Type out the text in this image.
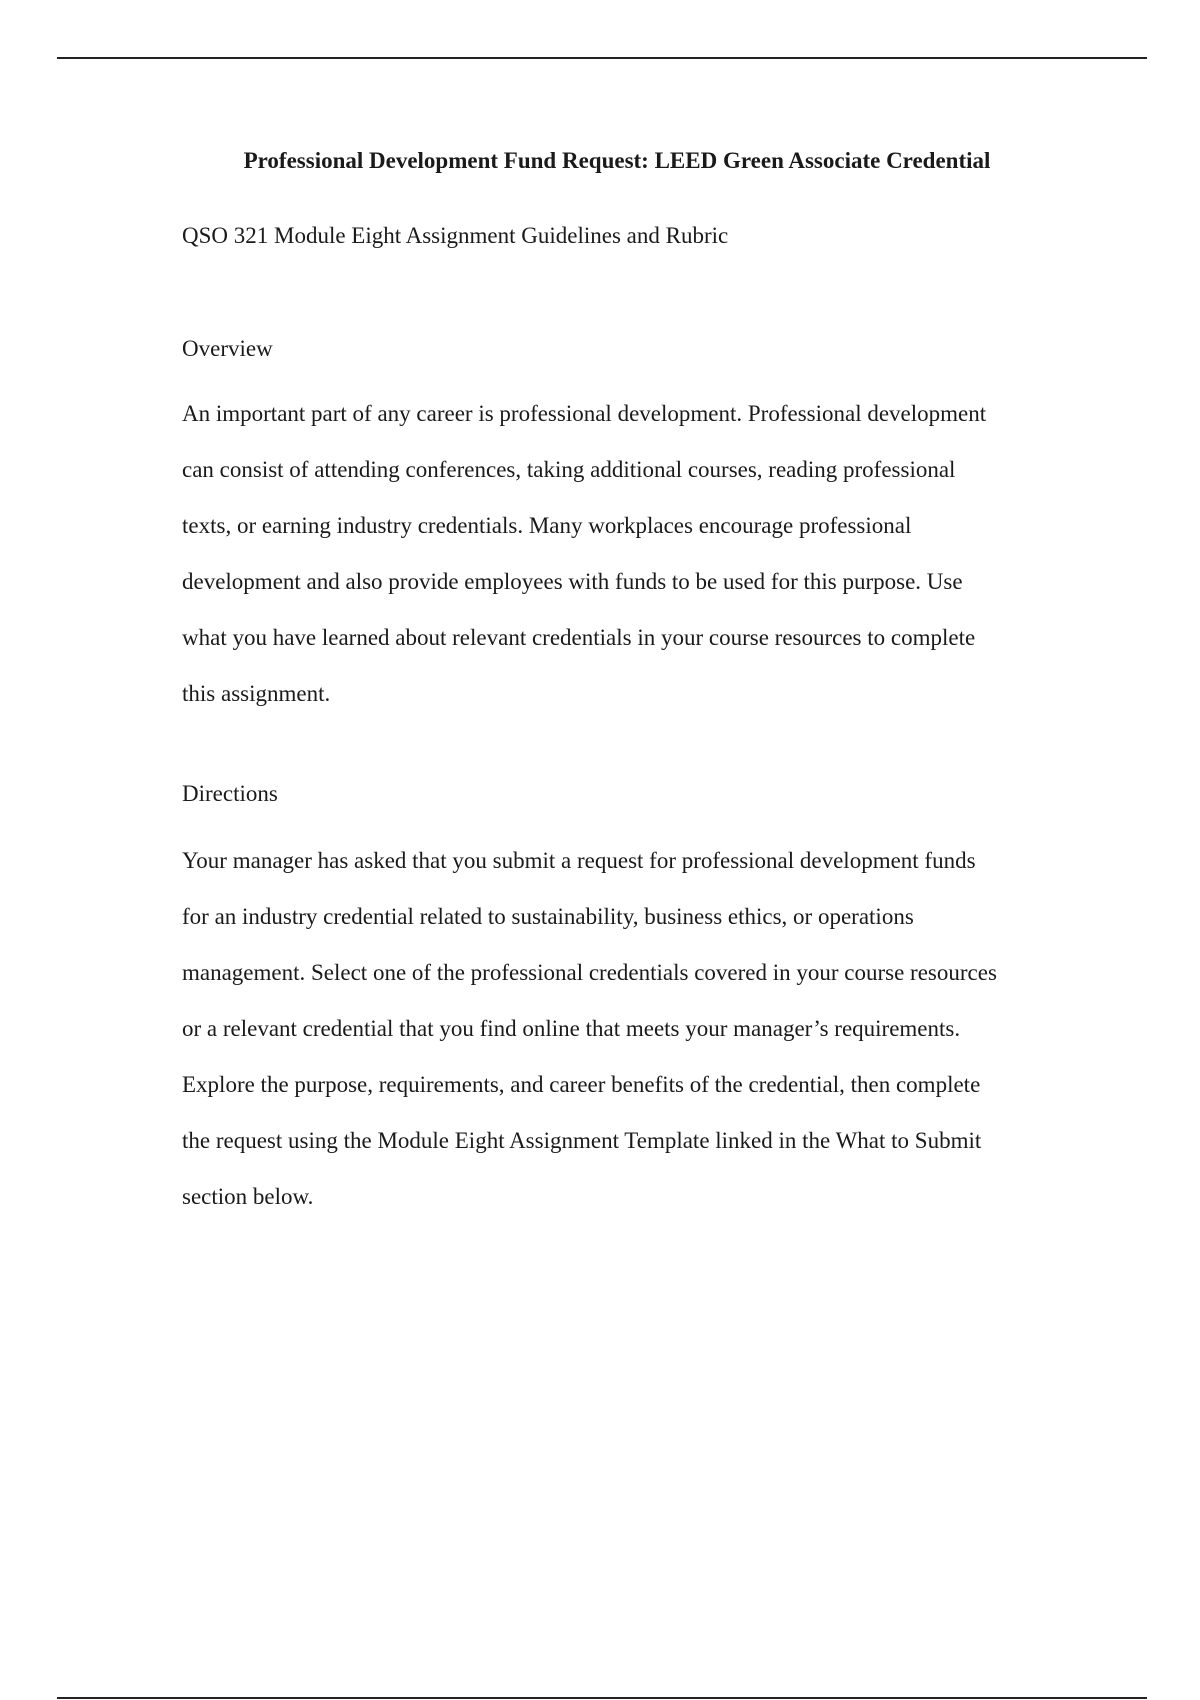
Professional Development Fund Request: LEED Green Associate Credential

QSO 321 Module Eight Assignment Guidelines and Rubric

Overview

An important part of any career is professional development. Professional development
can consist of attending conferences, taking additional courses, reading professional
texts, or earning industry credentials. Many workplaces encourage professional
development and also provide employees with funds to be used for this purpose. Use
what you have learned about relevant credentials in your course resources to complete
this assignment.

Directions

Your manager has asked that you submit a request for professional development funds
for an industry credential related to sustainability, business ethics, or operations
management. Select one of the professional credentials covered in your course resources
or a relevant credential that you find online that meets your manager’s requirements.
Explore the purpose, requirements, and career benefits of the credential, then complete
the request using the Module Eight Assignment Template linked in the What to Submit
section below.
